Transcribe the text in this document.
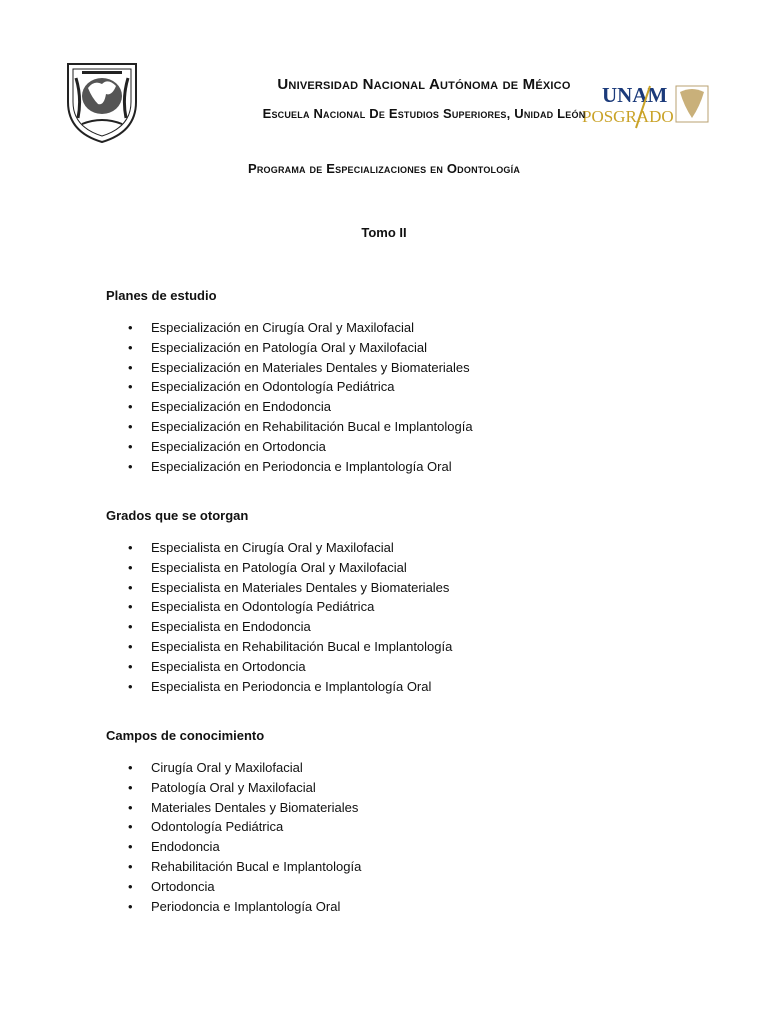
UNAM
POSGRADO
Universidad Nacional Autónoma de México
Escuela Nacional De Estudios Superiores, Unidad León
Programa de Especializaciones en Odontología
Tomo II
Planes de estudio
• Especialización en Cirugía Oral y Maxilofacial
• Especialización en Patología Oral y Maxilofacial
• Especialización en Materiales Dentales y Biomateriales
• Especialización en Odontología Pediátrica
• Especialización en Endodoncia
• Especialización en Rehabilitación Bucal e Implantología
• Especialización en Ortodoncia
• Especialización en Periodoncia e Implantología Oral
Grados que se otorgan
• Especialista en Cirugía Oral y Maxilofacial
• Especialista en Patología Oral y Maxilofacial
• Especialista en Materiales Dentales y Biomateriales
• Especialista en Odontología Pediátrica
• Especialista en Endodoncia
• Especialista en Rehabilitación Bucal e Implantología
• Especialista en Ortodoncia
• Especialista en Periodoncia e Implantología Oral
Campos de conocimiento
• Cirugía Oral y Maxilofacial
• Patología Oral y Maxilofacial
• Materiales Dentales y Biomateriales
• Odontología Pediátrica
• Endodoncia
• Rehabilitación Bucal e Implantología
• Ortodoncia
• Periodoncia e Implantología Oral
